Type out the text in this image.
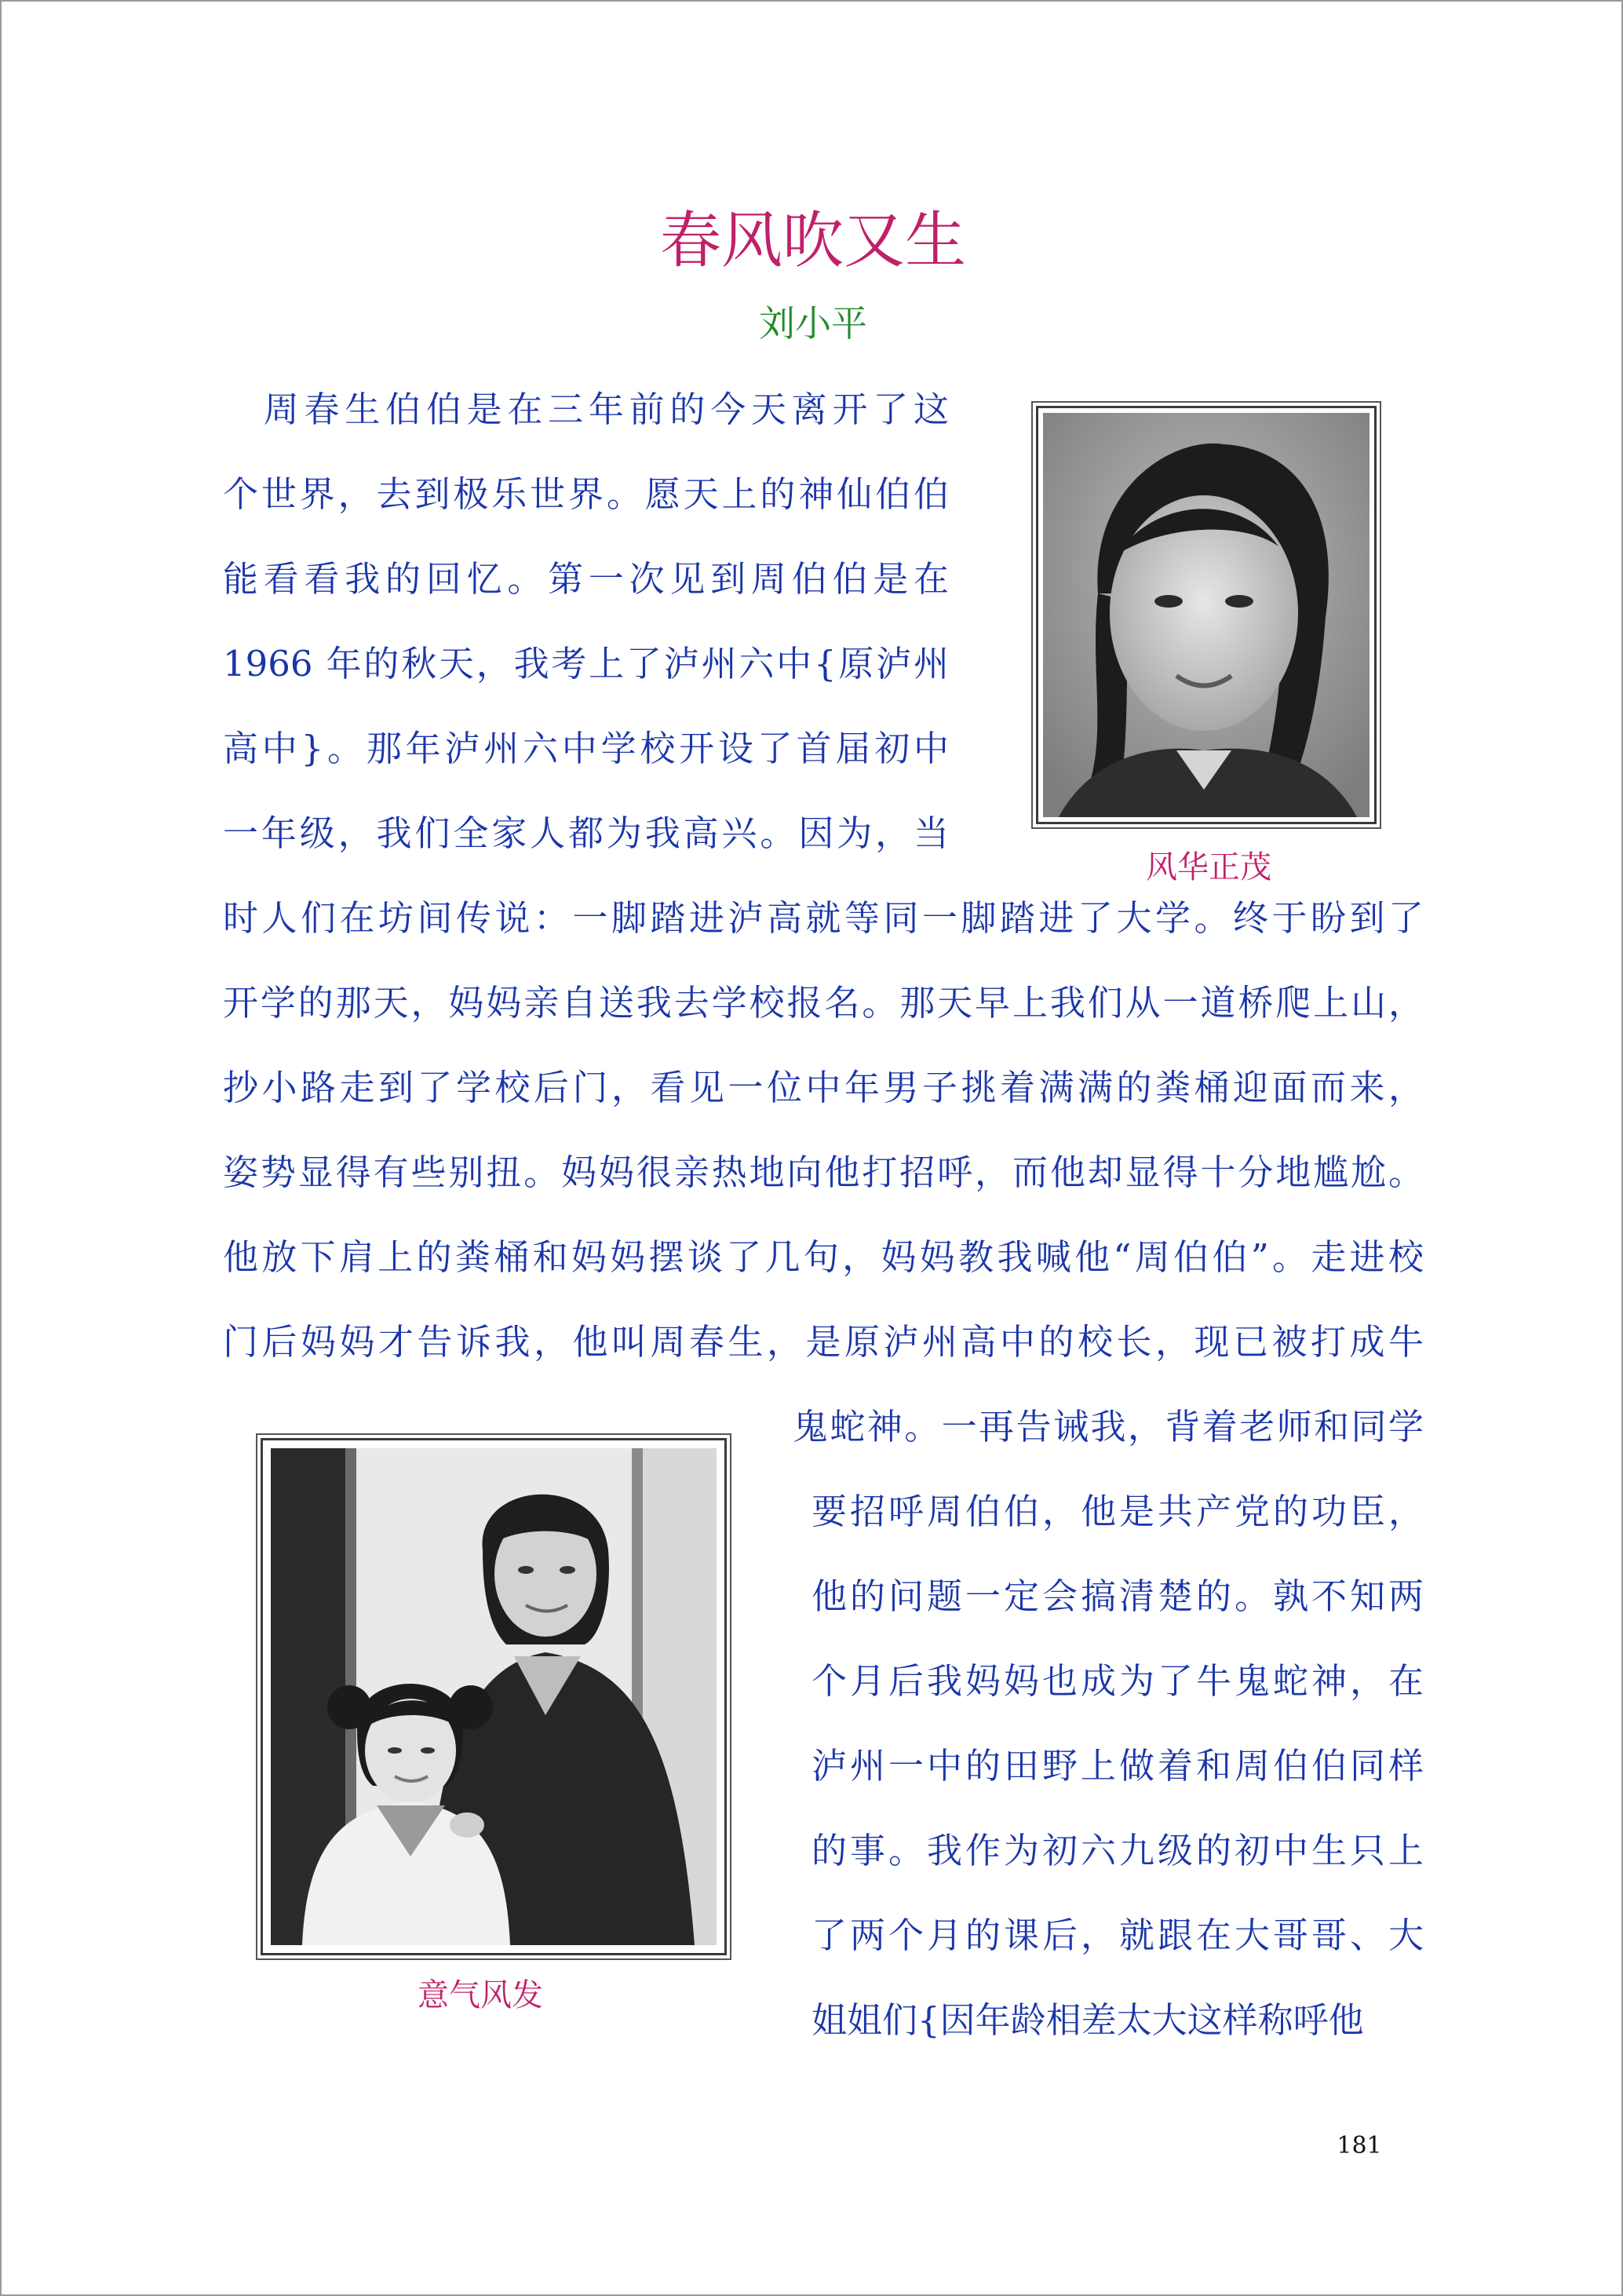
春风吹又生
刘小平

　周春生伯伯是在三年前的今天离开了这

个世界，去到极乐世界。愿天上的神仙伯伯

能看看我的回忆。第一次见到周伯伯是在

1966 年的秋天，我考上了泸州六中{原泸州

高中}。那年泸州六中学校开设了首届初中

一年级，我们全家人都为我高兴。因为，当

时人们在坊间传说：一脚踏进泸高就等同一脚踏进了大学。终于盼到了

开学的那天，妈妈亲自送我去学校报名。那天早上我们从一道桥爬上山，

抄小路走到了学校后门，看见一位中年男子挑着满满的粪桶迎面而来，

姿势显得有些别扭。妈妈很亲热地向他打招呼，而他却显得十分地尴尬。

他放下肩上的粪桶和妈妈摆谈了几句，妈妈教我喊他“周伯伯”。走进校

门后妈妈才告诉我，他叫周春生，是原泸州高中的校长，现已被打成牛

鬼蛇神。一再告诫我，背着老师和同学

要招呼周伯伯，他是共产党的功臣，

他的问题一定会搞清楚的。孰不知两

个月后我妈妈也成为了牛鬼蛇神，在

泸州一中的田野上做着和周伯伯同样

的事。我作为初六九级的初中生只上

了两个月的课后，就跟在大哥哥、大

姐姐们{因年龄相差太大这样称呼他

风华正茂
意气风发
181
